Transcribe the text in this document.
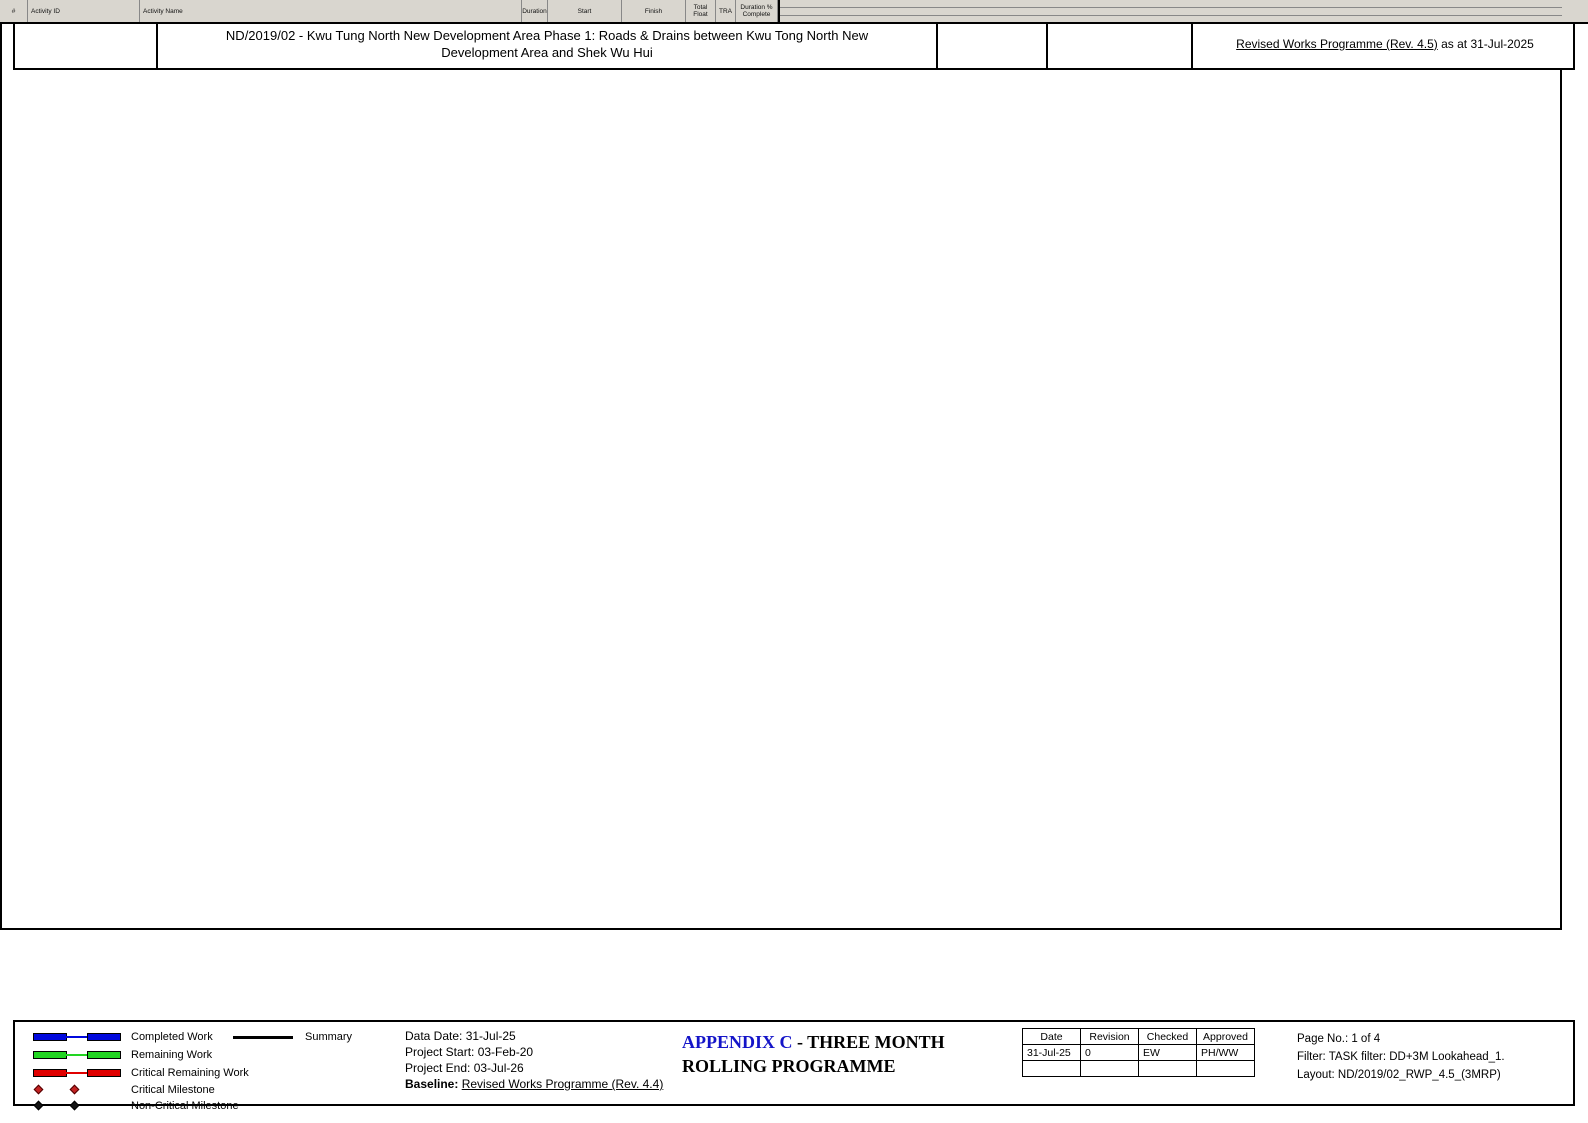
ND/2019/02 - Kwu Tung North New Development Area Phase 1: Roads & Drains between Kwu Tong North New Development Area and Shek Wu Hui
Revised Works Programme (Rev. 4.5) as at 31-Jul-2025
#	Activity ID	Activity Name	Duration	Start	Finish	Total Float	TRA	Duration % Complete
Completed Work
Remaining Work
Critical Remaining Work
Critical Milestone
Non-Critical Milestone
Summary	Data Date: 31-Jul-25
Project Start: 03-Feb-20
Project End: 03-Jul-26
Baseline: Revised Works Programme (Rev. 4.4)
APPENDIX C - THREE MONTH
ROLLING PROGRAMME
Date	Revision	Checked	Approved
31-Jul-25	0	EW	PH/WW

Page No.: 1 of 4
Filter: TASK filter: DD+3M Lookahead_1.
Layout: ND/2019/02_RWP_4.5_(3MRP)
